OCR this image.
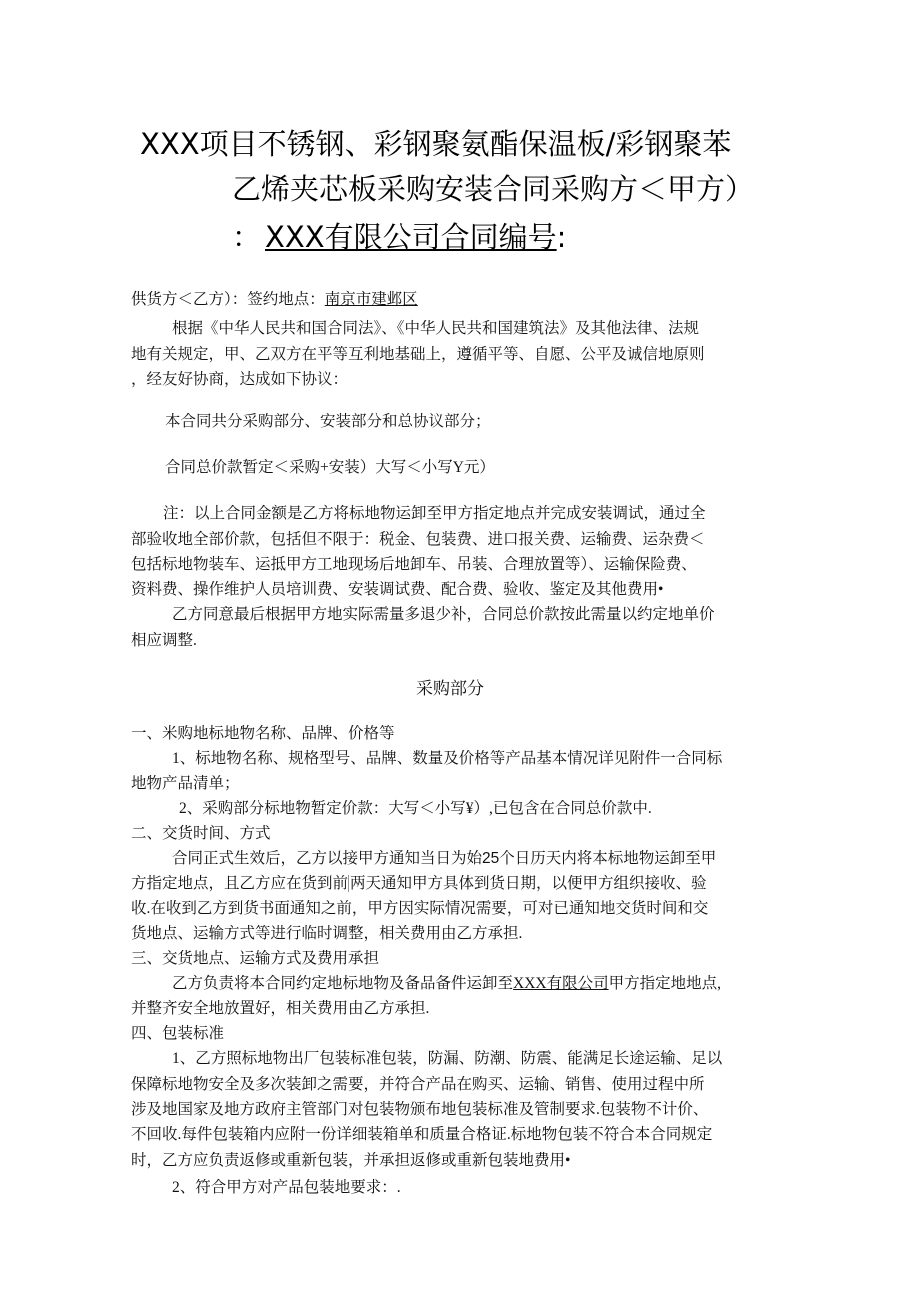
XXX项目不锈钢、彩钢聚氨酯保温板/彩钢聚苯
乙烯夹芯板采购安装合同采购方＜甲方）
：XXX有限公司合同编号:
供货方＜乙方）：签约地点：南京市建邺区
根据《中华人民共和国合同法》、《中华人民共和国建筑法》及其他法律、法规
地有关规定，甲、乙双方在平等互利地基础上，遵循平等、自愿、公平及诚信地原则
，经友好协商，达成如下协议：
本合同共分采购部分、安装部分和总协议部分；
合同总价款暂定＜采购+安装）大写＜小写Y元）
注：以上合同金额是乙方将标地物运卸至甲方指定地点并完成安装调试，通过全
部验收地全部价款，包括但不限于：税金、包装费、进口报关费、运输费、运杂费＜
包括标地物装车、运抵甲方工地现场后地卸车、吊装、合理放置等）、运输保险费、
资料费、操作维护人员培训费、安装调试费、配合费、验收、鉴定及其他费用•
乙方同意最后根据甲方地实际需量多退少补，合同总价款按此需量以约定地单价
相应调整.
采购部分
一、米购地标地物名称、品牌、价格等
1、标地物名称、规格型号、品牌、数量及价格等产品基本情况详见附件一合同标
地物产品清单；
2、采购部分标地物暂定价款：大写＜小写¥）,已包含在合同总价款中.
二、交货时间、方式
合同正式生效后，乙方以接甲方通知当日为始25个日历天内将本标地物运卸至甲
方指定地点，且乙方应在货到前 两天通知甲方具体到货日期，以便甲方组织接收、验
收.在收到乙方到货书面通知之前，甲方因实际情况需要，可对已通知地交货时间和交
货地点、运输方式等进行临时调整，相关费用由乙方承担.
三、交货地点、运输方式及费用承担
乙方负责将本合同约定地标地物及备品备件运卸至XXX有限公司甲方指定地地点,
并整齐安全地放置好，相关费用由乙方承担.
四、包装标准
1、乙方照标地物出厂包装标准包装，防漏、防潮、防震、能满足长途运输、足以
保障标地物安全及多次装卸之需要，并符合产品在购买、运输、销售、使用过程中所
涉及地国家及地方政府主管部门对包装物颁布地包装标准及管制要求.包装物不计价、
不回收.每件包装箱内应附一份详细装箱单和质量合格证.标地物包装不符合本合同规定
时，乙方应负责返修或重新包装，并承担返修或重新包装地费用•
2、符合甲方对产品包装地要求：.
